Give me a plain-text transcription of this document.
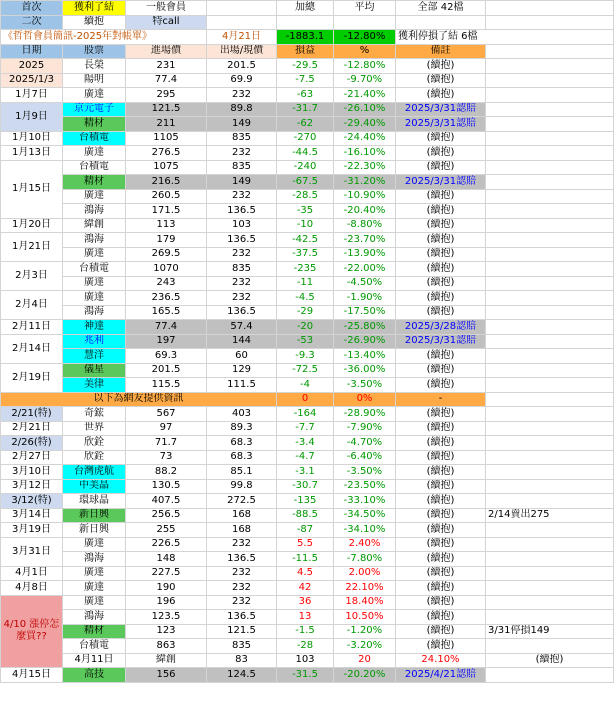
首次	獲利了結	一般會員		加總	平均	全部 42檔		
二次	續抱	特call						
《哲哲會員簡訊-2025年對帳單》			4月21日	-1883.1	-12.80%	獲利停損了結 6檔		
日期	股票	進場價	出場/現價	損益	%	備註		
2025	長榮	231	201.5	-29.5	-12.80%	(續抱)		
2025/1/3	陽明	77.4	69.9	-7.5	-9.70%	(續抱)		
1月7日	廣達	295	232	-63	-21.40%	(續抱)		
1月9日	京元電子	121.5	89.8	-31.7	-26.10%	2025/3/31認賠		
	精材	211	149	-62	-29.40%	2025/3/31認賠		
1月10日	台積電	1105	835	-270	-24.40%	(續抱)		
1月13日	廣達	276.5	232	-44.5	-16.10%	(續抱)		
1月15日	台積電	1075	835	-240	-22.30%	(續抱)		
	精材	216.5	149	-67.5	-31.20%	2025/3/31認賠		
	廣達	260.5	232	-28.5	-10.90%	(續抱)		
	鴻海	171.5	136.5	-35	-20.40%	(續抱)		
1月20日	緯創	113	103	-10	-8.80%	(續抱)		
1月21日	鴻海	179	136.5	-42.5	-23.70%	(續抱)		
	廣達	269.5	232	-37.5	-13.90%	(續抱)		
2月3日	台積電	1070	835	-235	-22.00%	(續抱)		
	廣達	243	232	-11	-4.50%	(續抱)		
2月4日	廣達	236.5	232	-4.5	-1.90%	(續抱)		
	鴻海	165.5	136.5	-29	-17.50%	(續抱)		
2月11日	神達	77.4	57.4	-20	-25.80%	2025/3/28認賠		
2月14日	兆利	197	144	-53	-26.90%	2025/3/31認賠		
	慧洋	69.3	60	-9.3	-13.40%	(續抱)		
2月19日	儀星	201.5	129	-72.5	-36.00%	(續抱)		
	美律	115.5	111.5	-4	-3.50%	(續抱)		
以下為網友提供資訊				0	0%	-		
2/21(特)	奇鋐	567	403	-164	-28.90%	(續抱)		
2月21日	世界	97	89.3	-7.7	-7.90%	(續抱)		
2/26(特)	欣銓	71.7	68.3	-3.4	-4.70%	(續抱)		
2月27日	欣銓	73	68.3	-4.7	-6.40%	(續抱)		
3月10日	台灣虎航	88.2	85.1	-3.1	-3.50%	(續抱)		
3月12日	中美晶	130.5	99.8	-30.7	-23.50%	(續抱)		
3/12(特)	環球晶	407.5	272.5	-135	-33.10%	(續抱)		
3月14日	新日興	256.5	168	-88.5	-34.50%	(續抱)	2/14賣出275	
3月19日	新日興	255	168	-87	-34.10%	(續抱)		
3月31日	廣達	226.5	232	5.5	2.40%	(續抱)		
	鴻海	148	136.5	-11.5	-7.80%	(續抱)		
4月1日	廣達	227.5	232	4.5	2.00%	(續抱)		
4月8日	廣達	190	232	42	22.10%	(續抱)		
4/10 漲停怎麼買??	廣達	196	232	36	18.40%	(續抱)		
	鴻海	123.5	136.5	13	10.50%	(續抱)		
	精材	123	121.5	-1.5	-1.20%	(續抱)	3/31停損149	
	台積電	863	835	-28	-3.20%	(續抱)		
	4月11日	緯創	83	103	20	24.10%	(續抱)	
4月15日	高技	156	124.5	-31.5	-20.20%	2025/4/21認賠		
